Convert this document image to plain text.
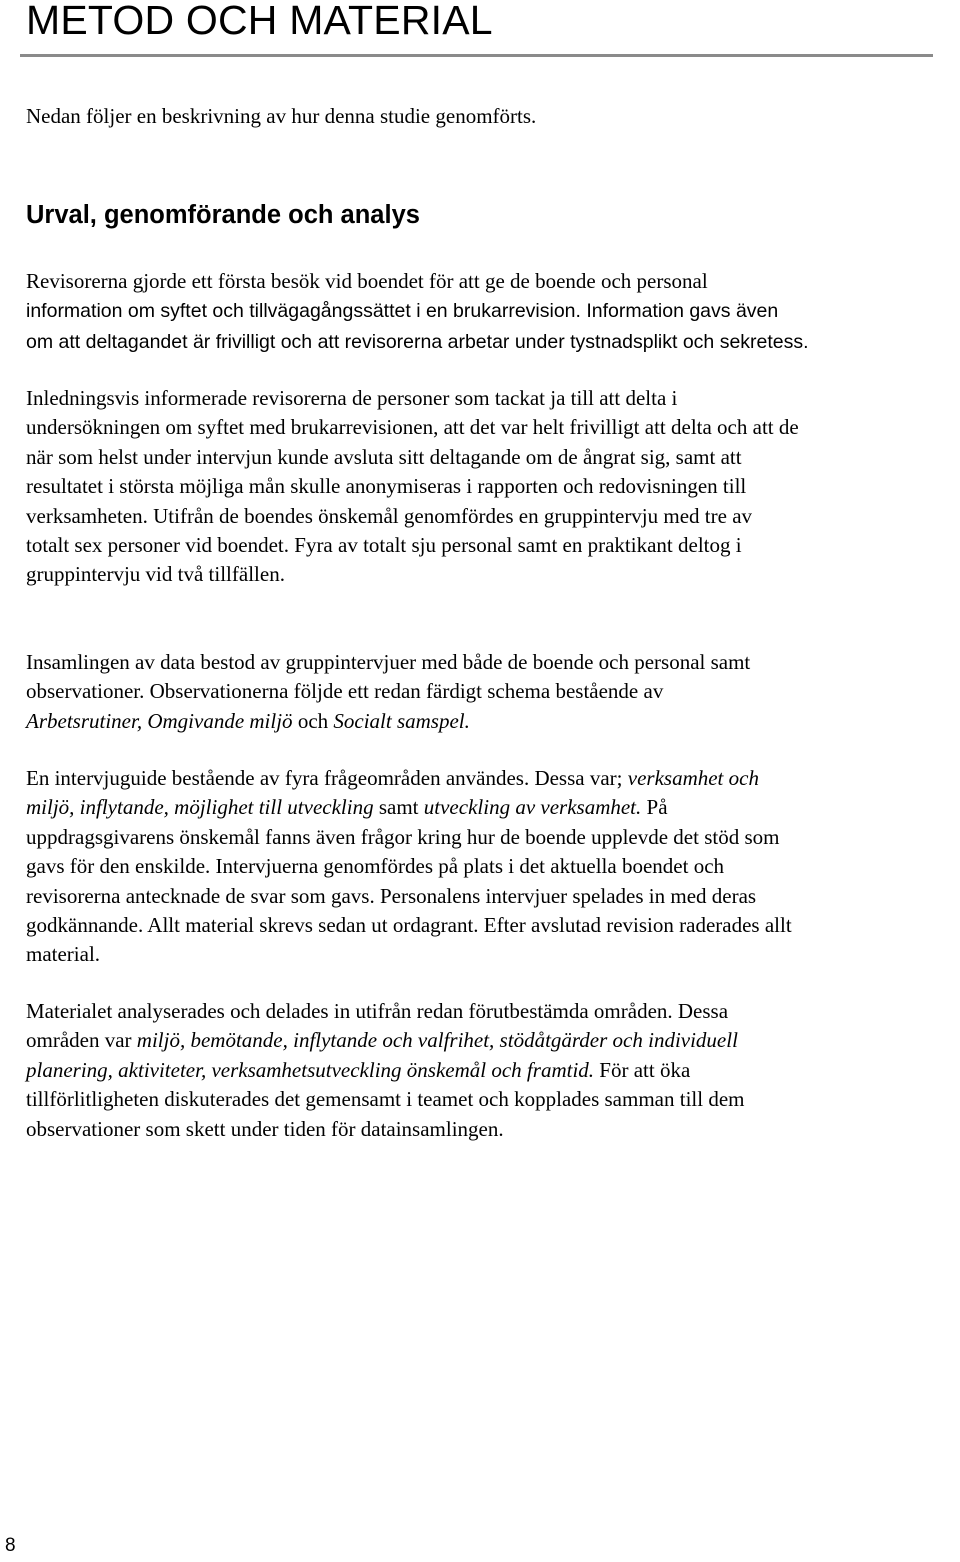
METOD OCH MATERIAL

Nedan följer en beskrivning av hur denna studie genomförts.

Urval, genomförande och analys

Revisorerna gjorde ett första besök vid boendet för att ge de boende och personal
information om syftet och tillvägagångssättet i en brukarrevision. Information gavs även
om att deltagandet är frivilligt och att revisorerna arbetar under tystnadsplikt och sekretess.

Inledningsvis informerade revisorerna de personer som tackat ja till att delta i
undersökningen om syftet med brukarrevisionen, att det var helt frivilligt att delta och att de
när som helst under intervjun kunde avsluta sitt deltagande om de ångrat sig, samt att
resultatet i största möjliga mån skulle anonymiseras i rapporten och redovisningen till
verksamheten. Utifrån de boendes önskemål genomfördes en gruppintervju med tre av
totalt sex personer vid boendet. Fyra av totalt sju personal samt en praktikant deltog i
gruppintervju vid två tillfällen.

Insamlingen av data bestod av gruppintervjuer med både de boende och personal samt
observationer. Observationerna följde ett redan färdigt schema bestående av
Arbetsrutiner, Omgivande miljö och Socialt samspel.

En intervjuguide bestående av fyra frågeområden användes. Dessa var; verksamhet och
miljö, inflytande, möjlighet till utveckling samt utveckling av verksamhet. På
uppdragsgivarens önskemål fanns även frågor kring hur de boende upplevde det stöd som
gavs för den enskilde. Intervjuerna genomfördes på plats i det aktuella boendet och
revisorerna antecknade de svar som gavs. Personalens intervjuer spelades in med deras
godkännande. Allt material skrevs sedan ut ordagrant. Efter avslutad revision raderades allt
material.

Materialet analyserades och delades in utifrån redan förutbestämda områden. Dessa
områden var miljö, bemötande, inflytande och valfrihet, stödåtgärder och individuell
planering, aktiviteter, verksamhetsutveckling önskemål och framtid. För att öka
tillförlitligheten diskuterades det gemensamt i teamet och kopplades samman till dem
observationer som skett under tiden för datainsamlingen.

8
